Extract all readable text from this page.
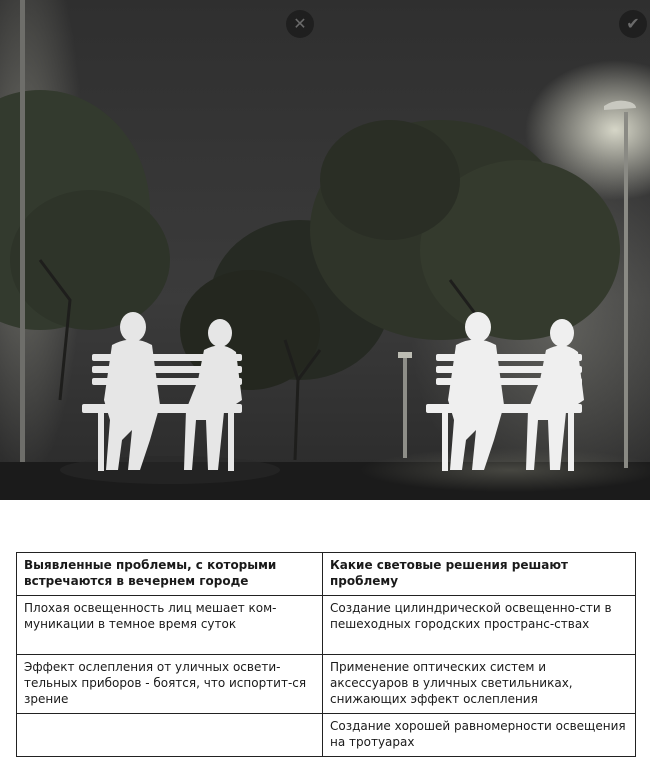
✕	✔
Выявленные проблемы, с которыми встречаются в вечернем городе	Какие световые решения решают проблему
Плохая освещенность лиц мешает ком-муникации в темное время суток	Создание цилиндрической освещенно-сти в пешеходных городских пространс-ствах
Эффект ослепления от уличных освети-тельных приборов - боятся, что испортит-ся зрение	Применение оптических систем и аксессуаров в уличных светильниках, снижающих эффект ослепления
	Создание хорошей равномерности освещения на тротуарах
